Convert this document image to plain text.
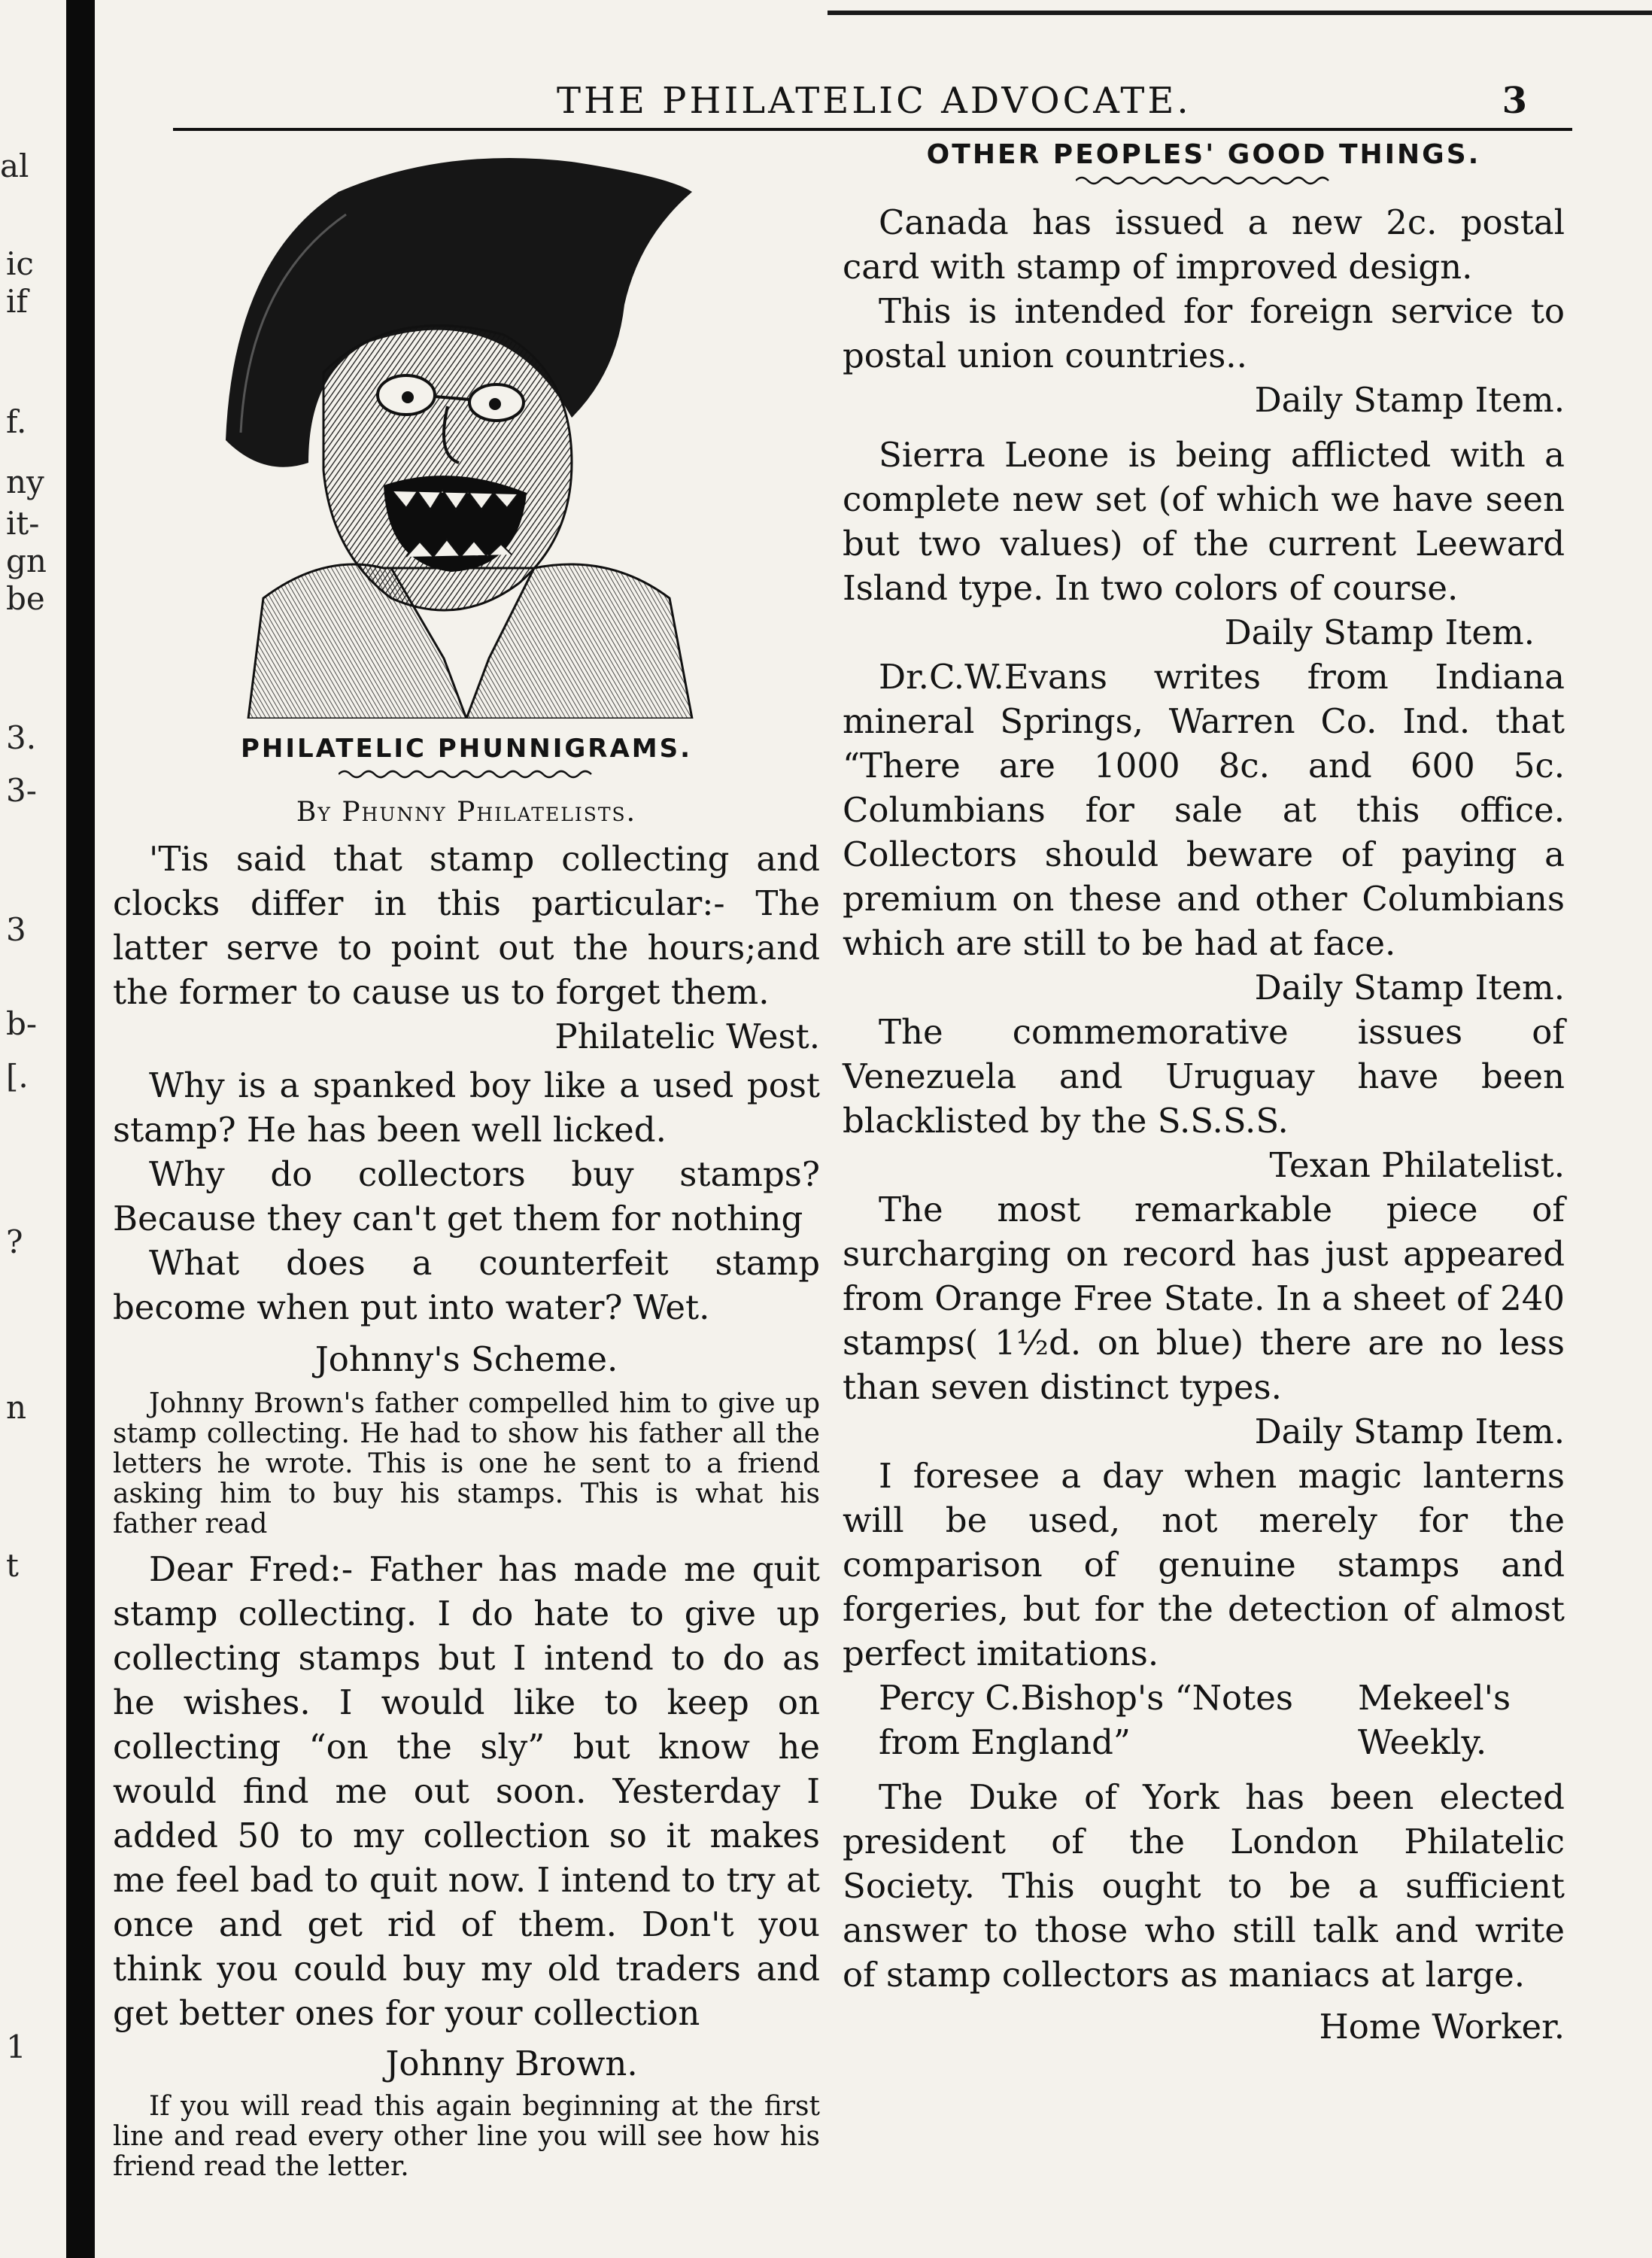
al
ic
if
f.
ny
it-
gn
be
3.
3-
3
b-
[.
?
n
t
1
THE PHILATELIC ADVOCATE.	3
PHILATELIC PHUNNIGRAMS.
By Phunny Philatelists.

'Tis said that stamp collecting and clocks differ in this particular:- The latter serve to point out the hours;and the former to cause us to forget them.

Philatelic West.

Why is a spanked boy like a used post stamp? He has been well licked.

Why do collectors buy stamps? Because they can't get them for nothing

What does a counterfeit stamp become when put into water? Wet.

Johnny's Scheme.

Johnny Brown's father compelled him to give up stamp collecting. He had to show his father all the letters he wrote. This is one he sent to a friend asking him to buy his stamps. This is what his father read

Dear Fred:- Father has made me quit stamp collecting. I do hate to give up collecting stamps but I intend to do as he wishes. I would like to keep on collecting “on the sly” but know he would find me out soon. Yesterday I added 50 to my collection so it makes me feel bad to quit now. I intend to try at once and get rid of them. Don't you think you could buy my old traders and get better ones for your collection

Johnny Brown.

If you will read this again beginning at the first line and read every other line you will see how his friend read the letter.

OTHER PEOPLES' GOOD THINGS.

Canada has issued a new 2c. postal card with stamp of improved design.

This is intended for foreign service to postal union countries..

Daily Stamp Item.

Sierra Leone is being afflicted with a complete new set (of which we have seen but two values) of the current Leeward Island type. In two colors of course.

Daily Stamp Item.

Dr.C.W.Evans writes from Indiana mineral Springs, Warren Co. Ind. that “There are 1000 8c. and 600 5c. Columbians for sale at this office. Collectors should beware of paying a premium on these and other Columbians which are still to be had at face.

Daily Stamp Item.

The commemorative issues of Venezuela and Uruguay have been blacklisted by the S.S.S.S.

Texan Philatelist.

The most remarkable piece of surcharging on record has just appeared from Orange Free State. In a sheet of 240 stamps( 1½d. on blue) there are no less than seven distinct types.

Daily Stamp Item.

I foresee a day when magic lanterns will be used, not merely for the comparison of genuine stamps and forgeries, but for the detection of almost perfect imitations.

Percy C.Bishop's “Notes from England”
Mekeel's Weekly.

The Duke of York has been elected president of the London Philatelic Society. This ought to be a sufficient answer to those who still talk and write of stamp collectors as maniacs at large.

Home Worker.
